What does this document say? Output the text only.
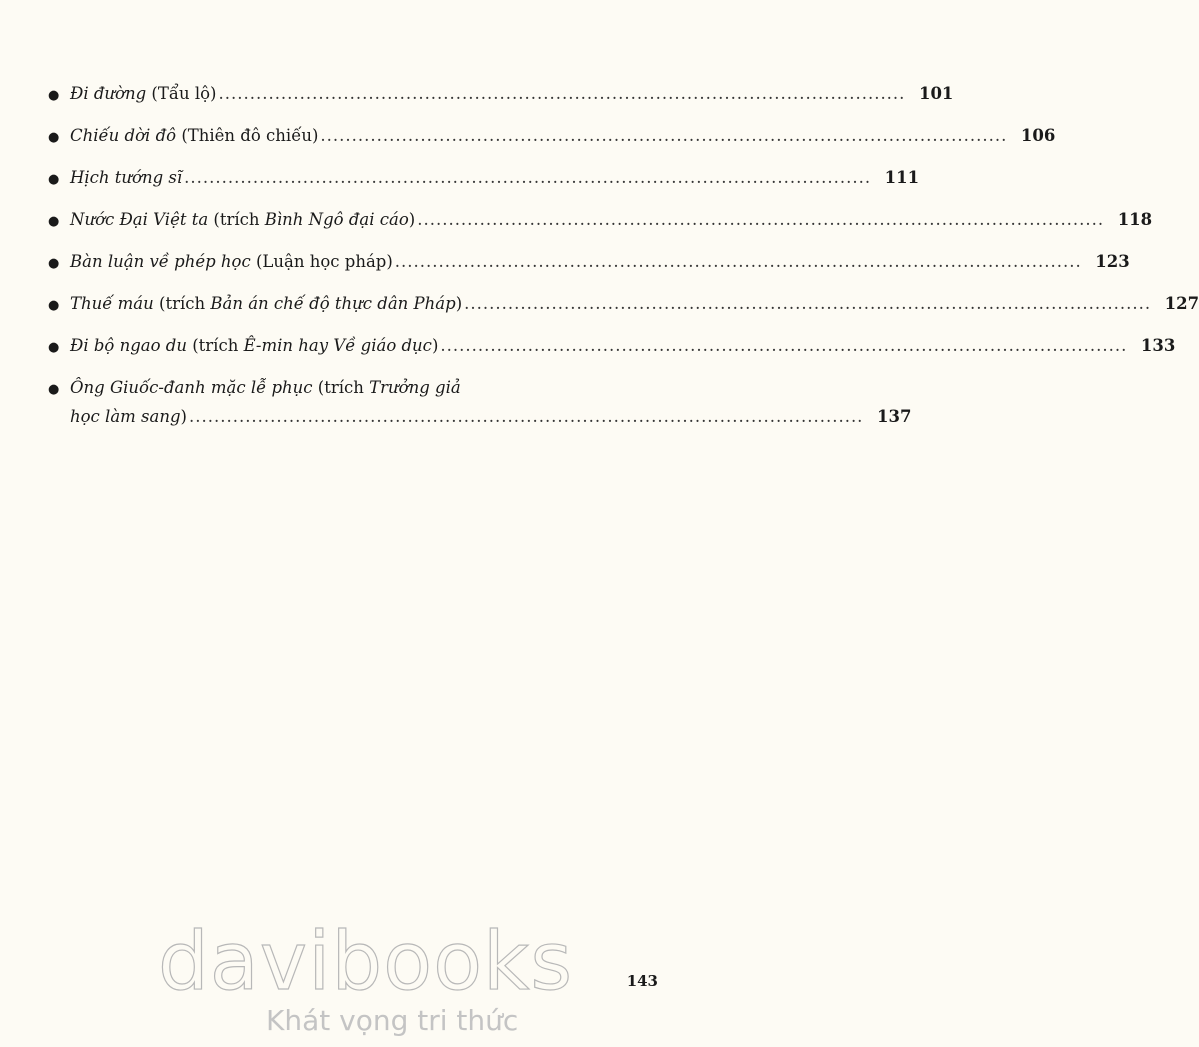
● Đi đường (Tẩu lộ) .............................................................................................................. 101
● Chiếu dời đô (Thiên đô chiếu) .............................................................................................................. 106
● Hịch tướng sĩ .............................................................................................................. 111
● Nước Đại Việt ta (trích Bình Ngô đại cáo) .............................................................................................................. 118
● Bàn luận về phép học (Luận học pháp) .............................................................................................................. 123
● Thuế máu (trích Bản án chế độ thực dân Pháp) .............................................................................................................. 127
● Đi bộ ngao du (trích Ê-min hay Về giáo dục) .............................................................................................................. 133
● Ông Giuốc-đanh mặc lễ phục (trích Trưởng giả
học làm sang) ............................................................................................................ 137
143
davibooks
Khát vọng tri thức
